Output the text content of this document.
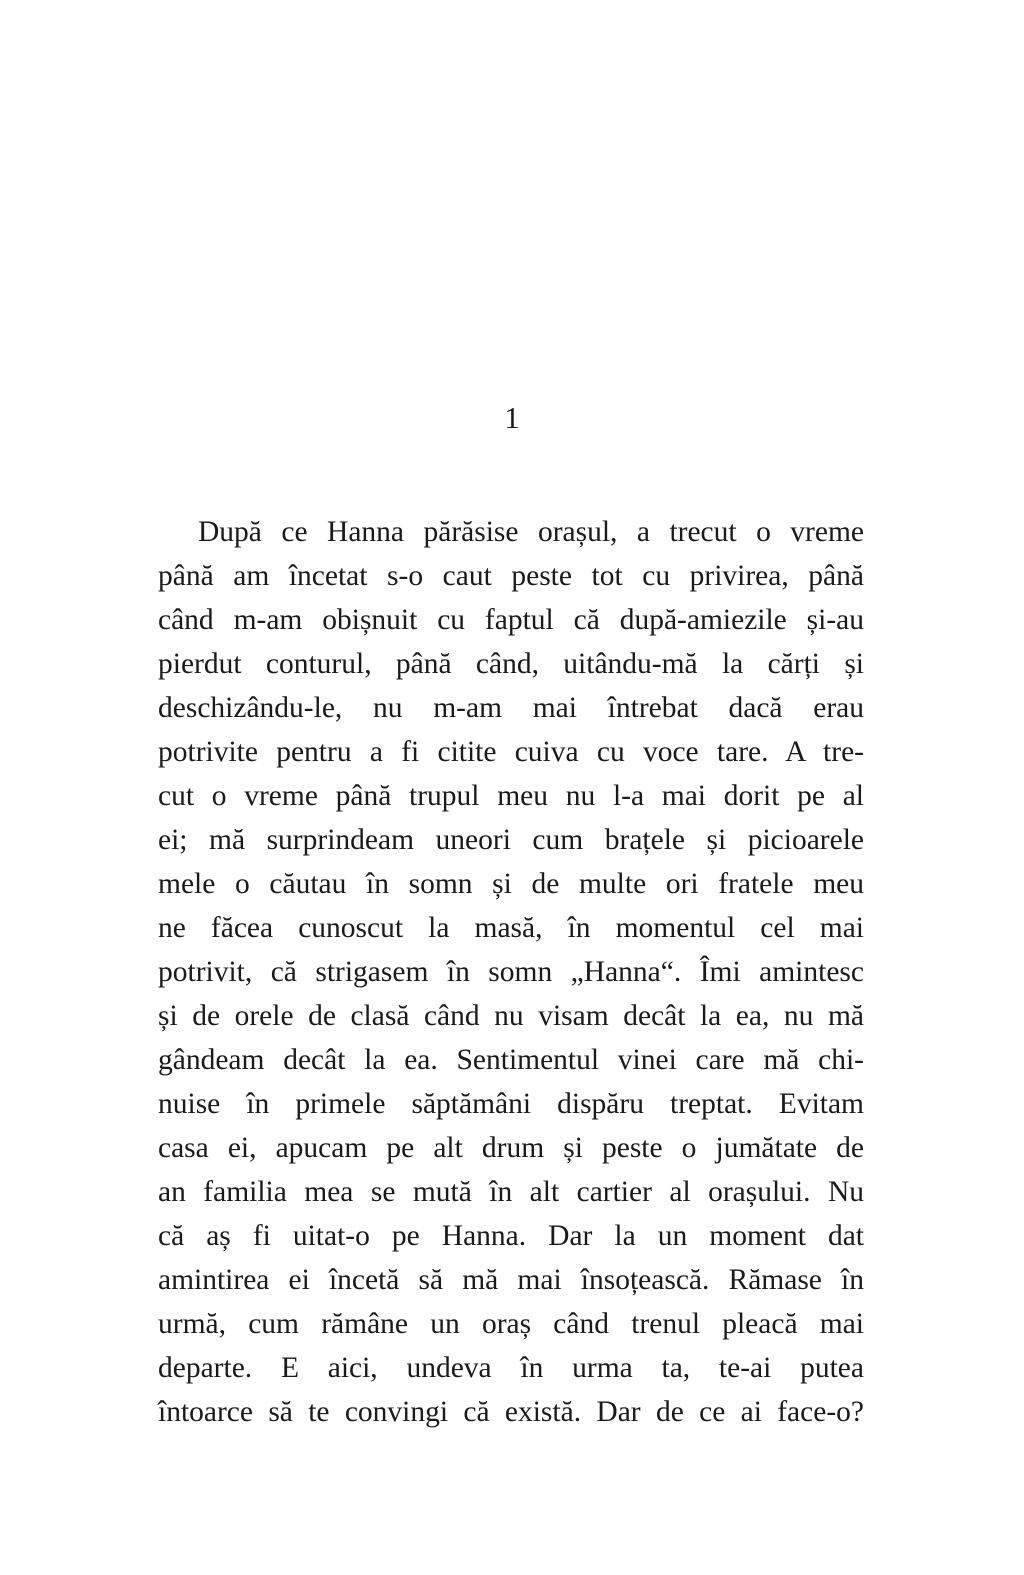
1
După ce Hanna părăsise orașul, a trecut o vreme
până am încetat s-o caut peste tot cu privirea, până
când m-am obișnuit cu faptul că după-amiezile și-au
pierdut conturul, până când, uitându-mă la cărți și
deschizându-le, nu m-am mai întrebat dacă erau
potrivite pentru a fi citite cuiva cu voce tare. A tre-
cut o vreme până trupul meu nu l-a mai dorit pe al
ei; mă surprindeam uneori cum brațele și picioarele
mele o căutau în somn și de multe ori fratele meu
ne făcea cunoscut la masă, în momentul cel mai
potrivit, că strigasem în somn „Hanna“. Îmi amintesc
și de orele de clasă când nu visam decât la ea, nu mă
gândeam decât la ea. Sentimentul vinei care mă chi-
nuise în primele săptămâni dispăru treptat. Evitam
casa ei, apucam pe alt drum și peste o jumătate de
an familia mea se mută în alt cartier al orașului. Nu
că aș fi uitat-o pe Hanna. Dar la un moment dat
amintirea ei încetă să mă mai însoțească. Rămase în
urmă, cum rămâne un oraș când trenul pleacă mai
departe. E aici, undeva în urma ta, te-ai putea
întoarce să te convingi că există. Dar de ce ai face-o?
